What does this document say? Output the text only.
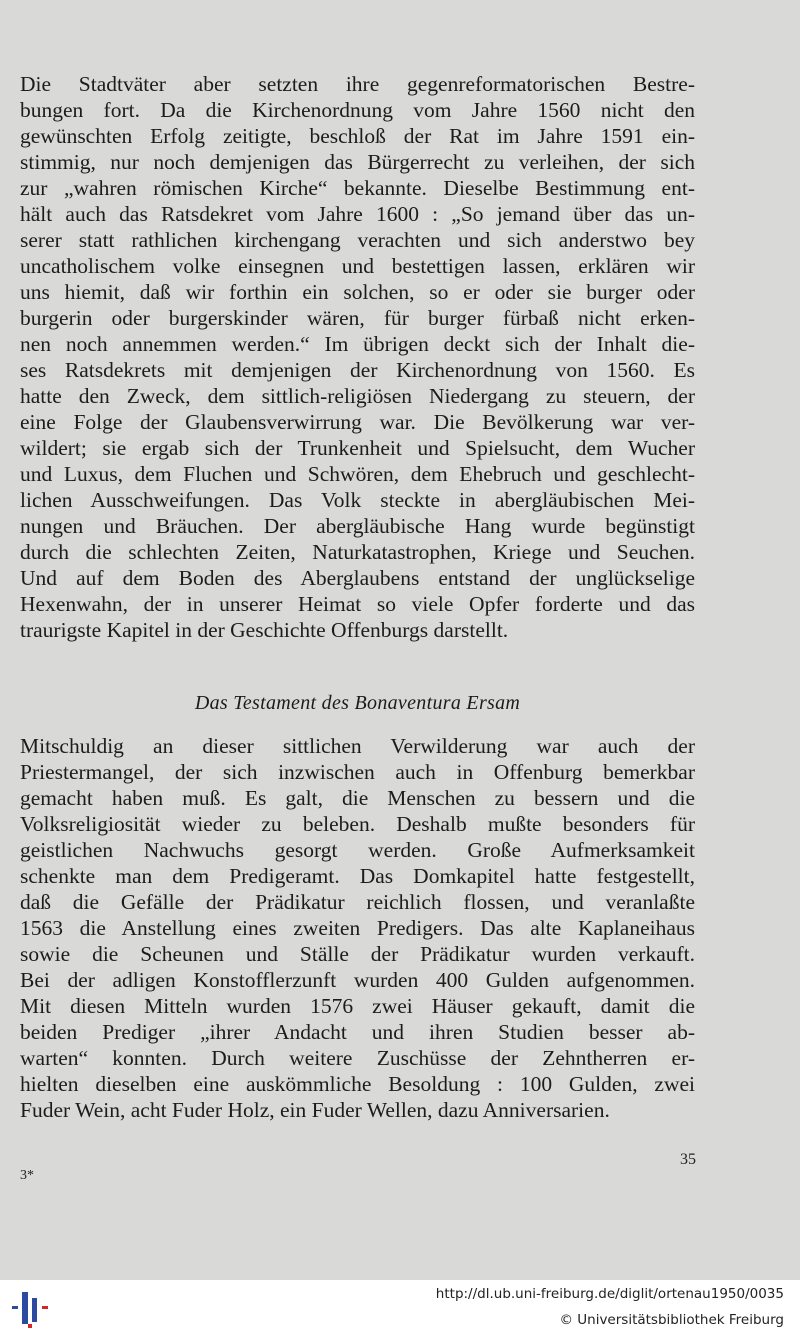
Die Stadtväter aber setzten ihre gegenreformatorischen Bestre-
bungen fort. Da die Kirchenordnung vom Jahre 1560 nicht den
gewünschten Erfolg zeitigte, beschloß der Rat im Jahre 1591 ein-
stimmig, nur noch demjenigen das Bürgerrecht zu verleihen, der sich
zur „wahren römischen Kirche“ bekannte. Dieselbe Bestimmung ent-
hält auch das Ratsdekret vom Jahre 1600 : „So jemand über das un-
serer statt rathlichen kirchengang verachten und sich anderstwo bey
uncatholischem volke einsegnen und bestettigen lassen, erklären wir
uns hiemit, daß wir forthin ein solchen, so er oder sie burger oder
burgerin oder burgerskinder wären, für burger fürbaß nicht erken-
nen noch annemmen werden.“ Im übrigen deckt sich der Inhalt die-
ses Ratsdekrets mit demjenigen der Kirchenordnung von 1560. Es
hatte den Zweck, dem sittlich-religiösen Niedergang zu steuern, der
eine Folge der Glaubensverwirrung war. Die Bevölkerung war ver-
wildert; sie ergab sich der Trunkenheit und Spielsucht, dem Wucher
und Luxus, dem Fluchen und Schwören, dem Ehebruch und geschlecht-
lichen Ausschweifungen. Das Volk steckte in abergläubischen Mei-
nungen und Bräuchen. Der abergläubische Hang wurde begünstigt
durch die schlechten Zeiten, Naturkatastrophen, Kriege und Seuchen.
Und auf dem Boden des Aberglaubens entstand der unglückselige
Hexenwahn, der in unserer Heimat so viele Opfer forderte und das
traurigste Kapitel in der Geschichte Offenburgs darstellt.
Das Testament des Bonaventura Ersam
Mitschuldig an dieser sittlichen Verwilderung war auch der
Priestermangel, der sich inzwischen auch in Offenburg bemerkbar
gemacht haben muß. Es galt, die Menschen zu bessern und die
Volksreligiosität wieder zu beleben. Deshalb mußte besonders für
geistlichen Nachwuchs gesorgt werden. Große Aufmerksamkeit
schenkte man dem Predigeramt. Das Domkapitel hatte festgestellt,
daß die Gefälle der Prädikatur reichlich flossen, und veranlaßte
1563 die Anstellung eines zweiten Predigers. Das alte Kaplaneihaus
sowie die Scheunen und Ställe der Prädikatur wurden verkauft.
Bei der adligen Konstofflerzunft wurden 400 Gulden aufgenommen.
Mit diesen Mitteln wurden 1576 zwei Häuser gekauft, damit die
beiden Prediger „ihrer Andacht und ihren Studien besser ab-
warten“ konnten. Durch weitere Zuschüsse der Zehntherren er-
hielten dieselben eine auskömmliche Besoldung : 100 Gulden, zwei
Fuder Wein, acht Fuder Holz, ein Fuder Wellen, dazu Anniversarien.
35
3*
http://dl.ub.uni-freiburg.de/diglit/ortenau1950/0035
© Universitätsbibliothek Freiburg
